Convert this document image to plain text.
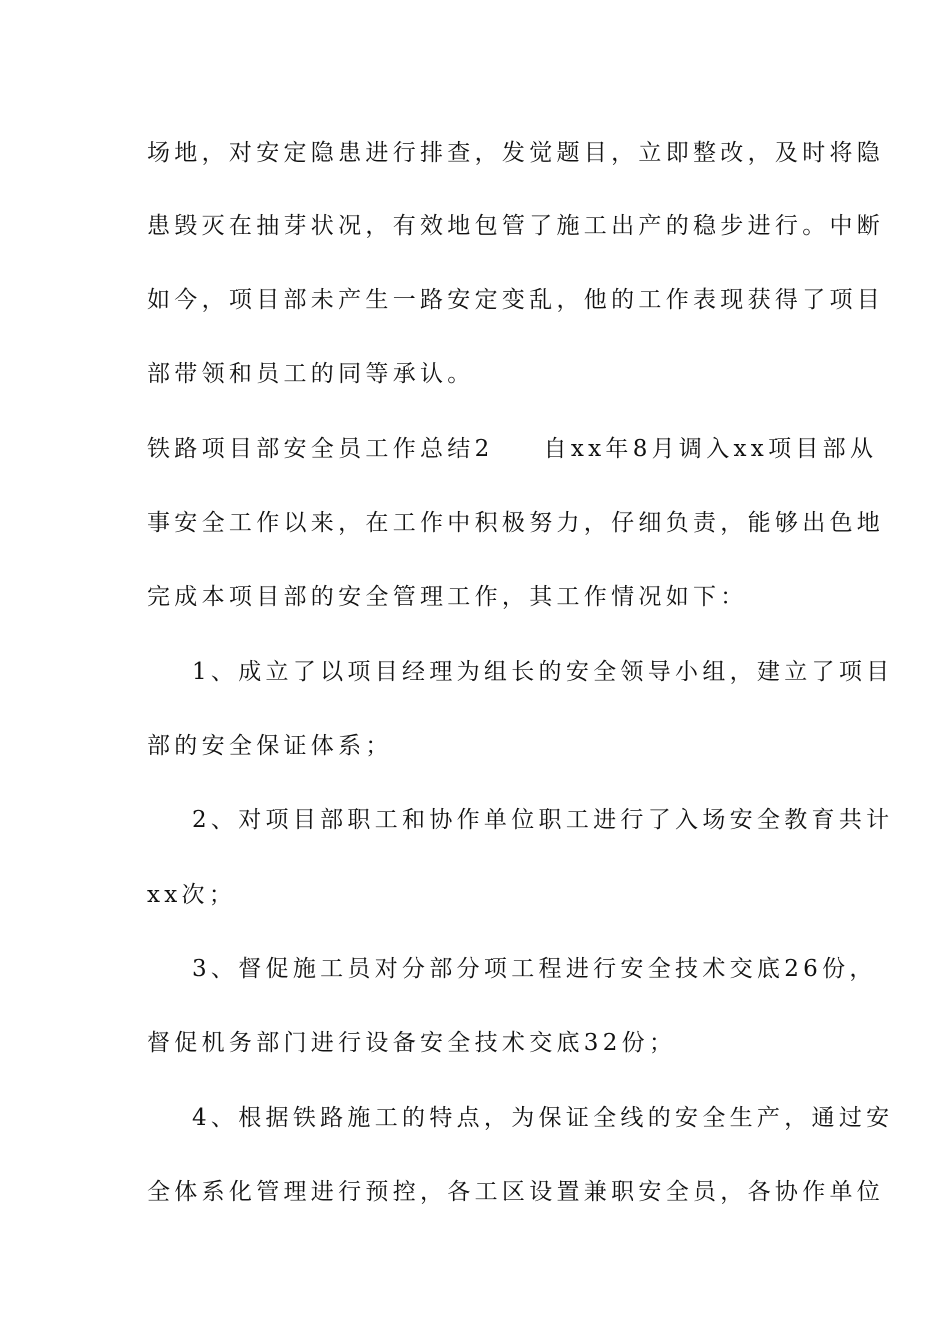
场地，对安定隐患进行排查，发觉题目，立即整改，及时将隐
患毁灭在抽芽状况，有效地包管了施工出产的稳步进行。中断
如今，项目部未产生一路安定变乱，他的工作表现获得了项目
部带领和员工的同等承认。
铁路项目部安全员工作总结2 自xx年8月调入xx项目部从
事安全工作以来，在工作中积极努力，仔细负责，能够出色地
完成本项目部的安全管理工作，其工作情况如下：
1、成立了以项目经理为组长的安全领导小组，建立了项目
部的安全保证体系；
2、对项目部职工和协作单位职工进行了入场安全教育共计
xx次；
3、督促施工员对分部分项工程进行安全技术交底26份，
督促机务部门进行设备安全技术交底32份；
4、根据铁路施工的特点，为保证全线的安全生产，通过安
全体系化管理进行预控，各工区设置兼职安全员，各协作单位
